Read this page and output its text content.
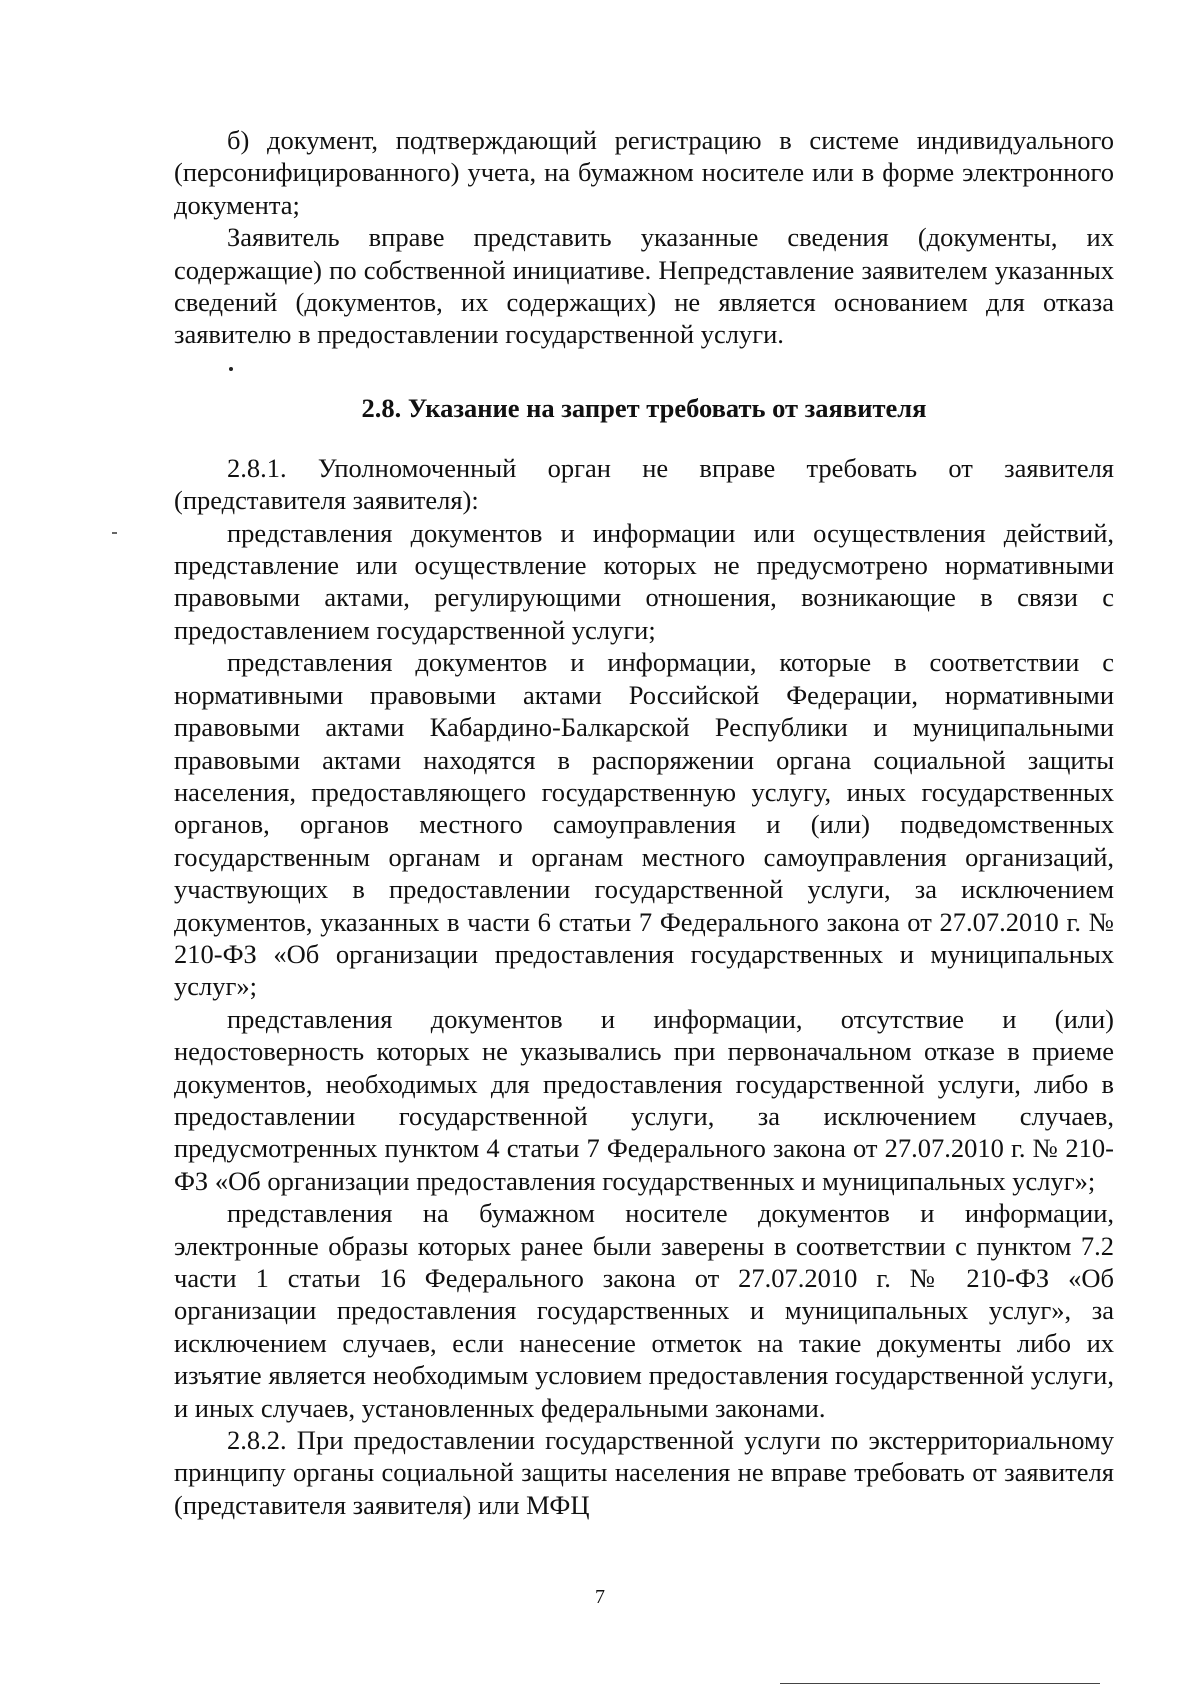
б) документ, подтверждающий регистрацию в системе индивидуального (персонифицированного) учета, на бумажном носителе или в форме электронного документа;

Заявитель вправе представить указанные сведения (документы, их содержащие) по собственной инициативе. Непредставление заявителем указанных сведений (документов, их содержащих) не является основанием для отказа заявителю в предоставлении государственной услуги.

2.8. Указание на запрет требовать от заявителя

2.8.1. Уполномоченный орган не вправе требовать от заявителя (представителя заявителя):

представления документов и информации или осуществления действий, представление или осуществление которых не предусмотрено нормативными правовыми актами, регулирующими отношения, возникающие в связи с предоставлением государственной услуги;

представления документов и информации, которые в соответствии с нормативными правовыми актами Российской Федерации, нормативными правовыми актами Кабардино-Балкарской Республики и муниципальными правовыми актами находятся в распоряжении органа социальной защиты населения, предоставляющего государственную услугу, иных государственных органов, органов местного самоуправления и (или) подведомственных государственным органам и органам местного самоуправления организаций, участвующих в предоставлении государственной услуги, за исключением документов, указанных в части 6 статьи 7 Федерального закона от 27.07.2010 г. № 210-ФЗ «Об организации предоставления государственных и муниципальных услуг»;

представления документов и информации, отсутствие и (или) недостоверность которых не указывались при первоначальном отказе в приеме документов, необходимых для предоставления государственной услуги, либо в предоставлении государственной услуги, за исключением случаев, предусмотренных пунктом 4 статьи 7 Федерального закона от 27.07.2010 г. № 210-ФЗ «Об организации предоставления государственных и муниципальных услуг»;

представления на бумажном носителе документов и информации, электронные образы которых ранее были заверены в соответствии с пунктом 7.2 части 1 статьи 16 Федерального закона от 27.07.2010 г. № 210-ФЗ «Об организации предоставления государственных и муниципальных услуг», за исключением случаев, если нанесение отметок на такие документы либо их изъятие является необходимым условием предоставления государственной услуги, и иных случаев, установленных федеральными законами.

2.8.2. При предоставлении государственной услуги по экстерриториальному принципу органы социальной защиты населения не вправе требовать от заявителя (представителя заявителя) или МФЦ

7
